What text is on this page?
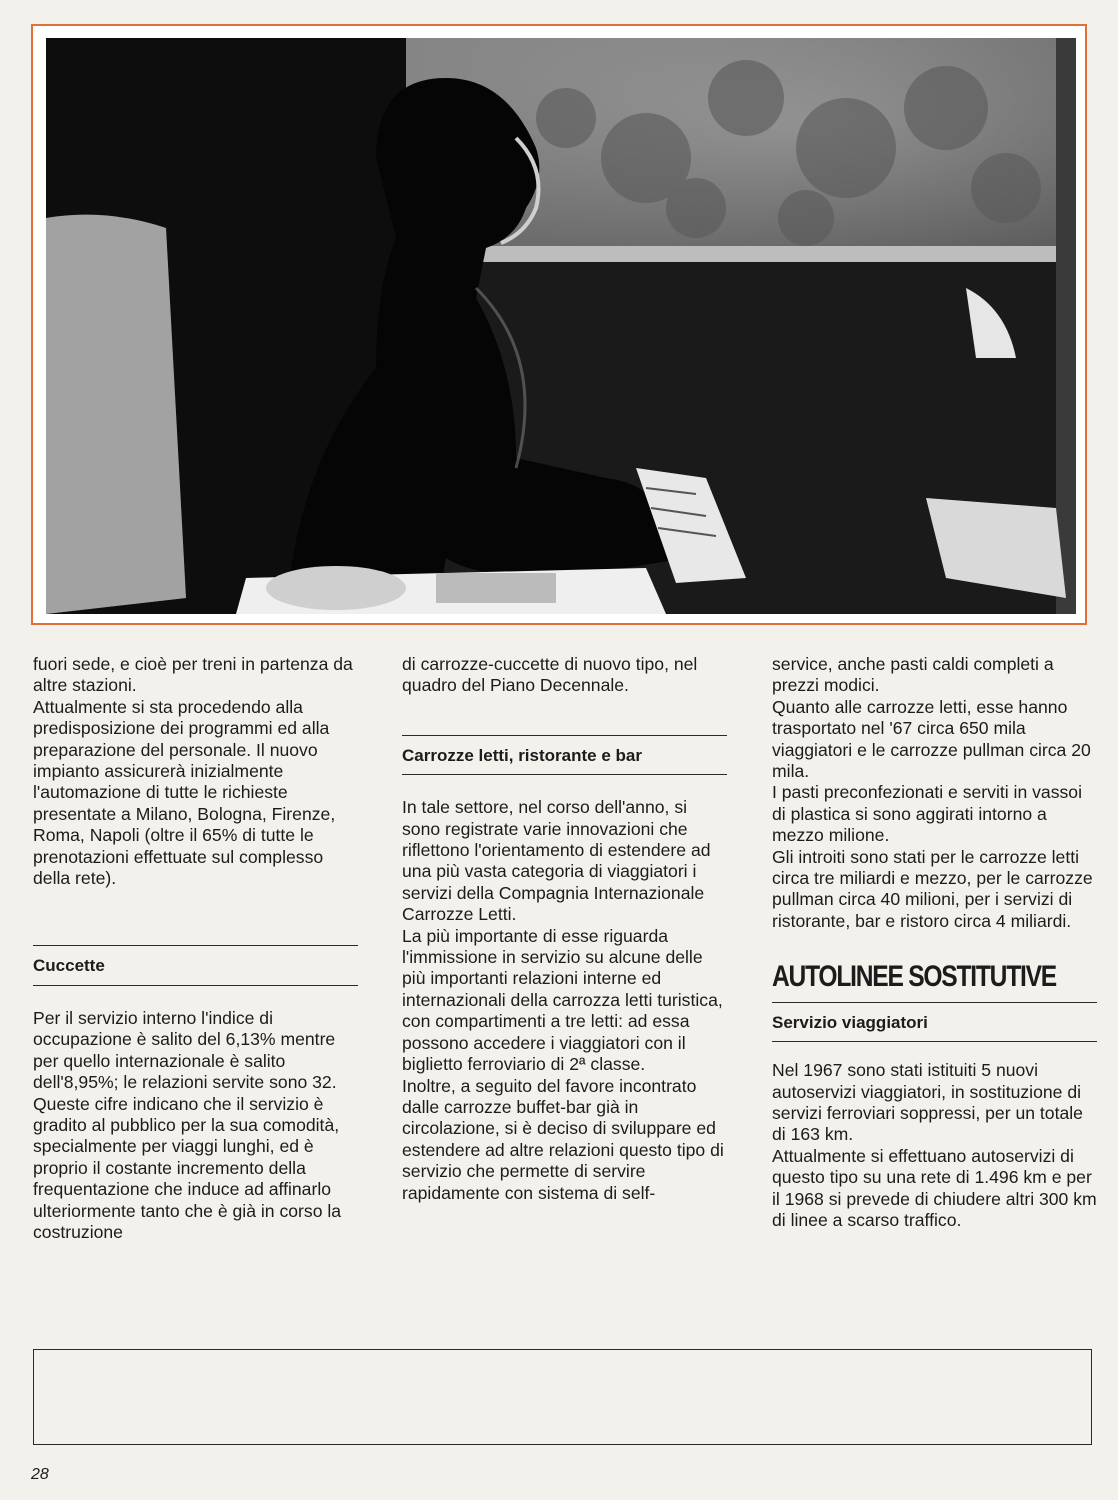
fuori sede, e cioè per treni in partenza da altre stazioni.

Attualmente si sta procedendo alla predisposizione dei programmi ed alla preparazione del personale. Il nuovo impianto assicurerà inizialmente l'automazione di tutte le richieste presentate a Milano, Bologna, Firenze, Roma, Napoli (oltre il 65% di tutte le prenotazioni effettuate sul complesso della rete).

Cuccette

Per il servizio interno l'indice di occupazione è salito del 6,13% mentre per quello internazionale è salito dell'8,95%; le relazioni servite sono 32.

Queste cifre indicano che il servizio è gradito al pubblico per la sua comodità, specialmente per viaggi lunghi, ed è proprio il costante incremento della frequentazione che induce ad affinarlo ulteriormente tanto che è già in corso la costruzione

di carrozze-cuccette di nuovo tipo, nel quadro del Piano Decennale.

Carrozze letti, ristorante e bar

In tale settore, nel corso dell'anno, si sono registrate varie innovazioni che riflettono l'orientamento di estendere ad una più vasta categoria di viaggiatori i servizi della Compagnia Internazionale Carrozze Letti.

La più importante di esse riguarda l'immissione in servizio su alcune delle più importanti relazioni interne ed internazionali della carrozza letti turistica, con compartimenti a tre letti: ad essa possono accedere i viaggiatori con il biglietto ferroviario di 2ª classe.

Inoltre, a seguito del favore incontrato dalle carrozze buffet-bar già in circolazione, si è deciso di sviluppare ed estendere ad altre relazioni questo tipo di servizio che permette di servire rapidamente con sistema di self-

service, anche pasti caldi completi a prezzi modici.

Quanto alle carrozze letti, esse hanno trasportato nel '67 circa 650 mila viaggiatori e le carrozze pullman circa 20 mila.

I pasti preconfezionati e serviti in vassoi di plastica si sono aggirati intorno a mezzo milione.

Gli introiti sono stati per le carrozze letti circa tre miliardi e mezzo, per le carrozze pullman circa 40 milioni, per i servizi di ristorante, bar e ristoro circa 4 miliardi.

AUTOLINEE SOSTITUTIVE

Servizio viaggiatori

Nel 1967 sono stati istituiti 5 nuovi autoservizi viaggiatori, in sostituzione di servizi ferroviari soppressi, per un totale di 163 km.

Attualmente si effettuano autoservizi di questo tipo su una rete di 1.496 km e per il 1968 si prevede di chiudere altri 300 km di linee a scarso traffico.

28
